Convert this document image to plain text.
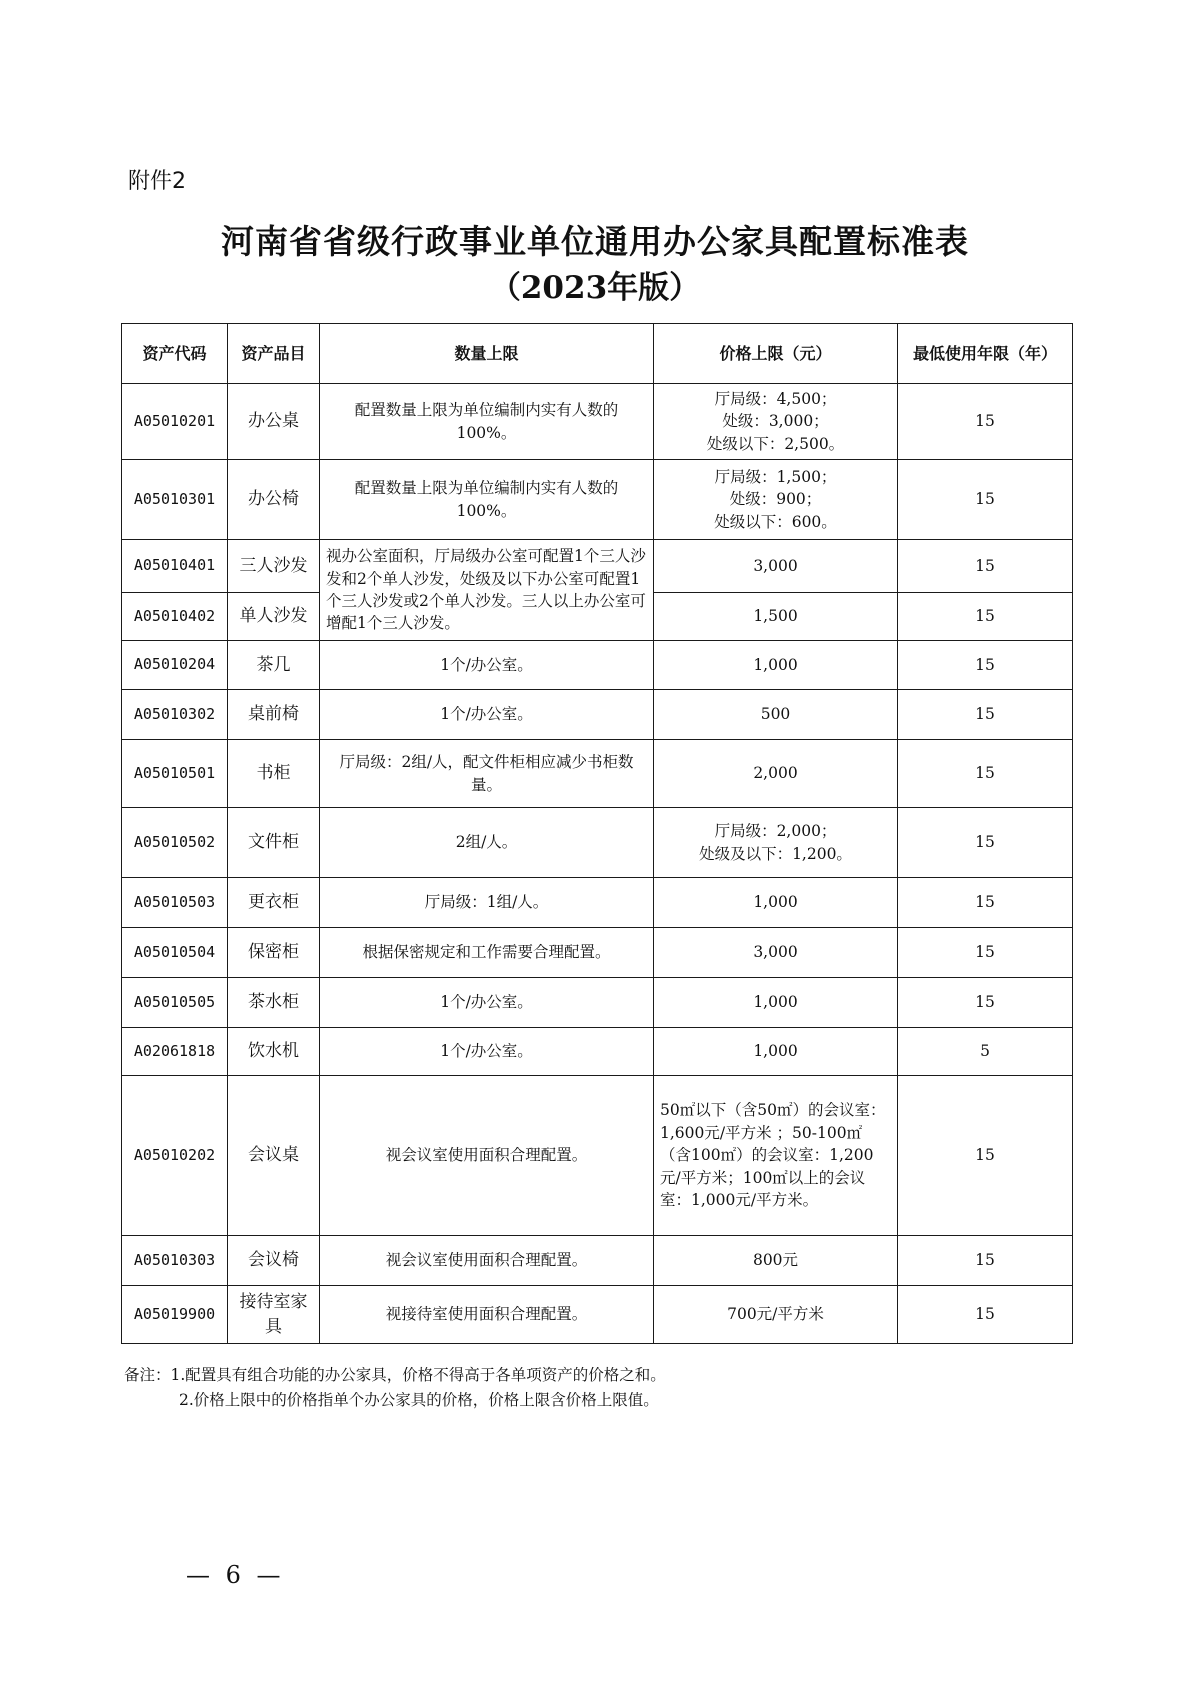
附件2
河南省省级行政事业单位通用办公家具配置标准表
（2023年版）
资产代码	资产品目	数量上限	价格上限（元）	最低使用年限（年）
A05010201	办公桌	配置数量上限为单位编制内实有人数的100%。	厅局级：4,500；
处级：3,000；
处级以下：2,500。	15
A05010301	办公椅	配置数量上限为单位编制内实有人数的100%。	厅局级：1,500；
处级：900；
处级以下：600。	15
A05010401	三人沙发	视办公室面积，厅局级办公室可配置1个三人沙发和2个单人沙发，处级及以下办公室可配置1个三人沙发或2个单人沙发。三人以上办公室可增配1个三人沙发。	3,000	15
A05010402	单人沙发		1,500	15
A05010204	茶几	1个/办公室。	1,000	15
A05010302	桌前椅	1个/办公室。	500	15
A05010501	书柜	厅局级：2组/人，配文件柜相应减少书柜数量。	2,000	15
A05010502	文件柜	2组/人。	厅局级：2,000；
处级及以下：1,200。	15
A05010503	更衣柜	厅局级：1组/人。	1,000	15
A05010504	保密柜	根据保密规定和工作需要合理配置。	3,000	15
A05010505	茶水柜	1个/办公室。	1,000	15
A02061818	饮水机	1个/办公室。	1,000	5
A05010202	会议桌	视会议室使用面积合理配置。	50㎡以下（含50㎡）的会议室：1,600元/平方米 ；50-100㎡（含100㎡）的会议室：1,200元/平方米；100㎡以上的会议室：1,000元/平方米。	15
A05010303	会议椅	视会议室使用面积合理配置。	800元	15
A05019900	接待室家具	视接待室使用面积合理配置。	700元/平方米	15
备注：1.配置具有组合功能的办公家具，价格不得高于各单项资产的价格之和。
2.价格上限中的价格指单个办公家具的价格，价格上限含价格上限值。
— 6 —
